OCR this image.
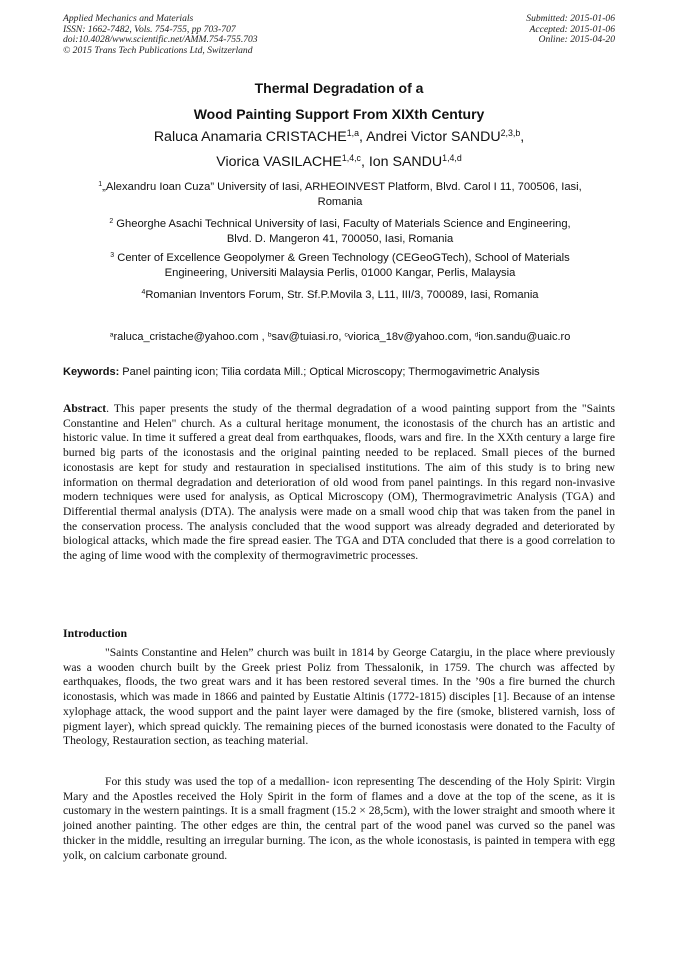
Applied Mechanics and Materials
ISSN: 1662-7482, Vols. 754-755, pp 703-707
doi:10.4028/www.scientific.net/AMM.754-755.703
© 2015 Trans Tech Publications Ltd, Switzerland
Submitted: 2015-01-06
Accepted: 2015-01-06
Online: 2015-04-20
Thermal Degradation of a
Wood Painting Support From XIXth Century
Raluca Anamaria CRISTACHE$^{1,a}$, Andrei Victor SANDU$^{2,3,b}$,
Viorica VASILACHE$^{1,4,c}$, Ion SANDU$^{1,4,d}$
$^1$„Alexandru Ioan Cuza” University of Iasi, ARHEOINVEST Platform, Blvd. Carol I 11, 700506, Iasi,
Romania
$^2$ Gheorghe Asachi Technical University of Iasi, Faculty of Materials Science and Engineering,
Blvd. D. Mangeron 41, 700050, Iasi, Romania
$^3$ Center of Excellence Geopolymer & Green Technology (CEGeoGTech), School of Materials
Engineering, Universiti Malaysia Perlis, 01000 Kangar, Perlis, Malaysia
$^4$Romanian Inventors Forum, Str. Sf.P.Movila 3, L11, III/3, 700089, Iasi, Romania
$^a$raluca_cristache@yahoo.com , $^b$sav@tuiasi.ro, $^c$viorica_18v@yahoo.com, $^d$ion.sandu@uaic.ro
Keywords: Panel painting icon; Tilia cordata Mill.; Optical Microscopy; Thermogavimetric Analysis

Abstract. This paper presents the study of the thermal degradation of a wood painting support from the "Saints Constantine and Helen" church. As a cultural heritage monument, the iconostasis of the church has an artistic and historic value. In time it suffered a great deal from earthquakes, floods, wars and fire. In the XXth century a large fire burned big parts of the iconostasis and the original painting needed to be replaced. Small pieces of the burned iconostasis are kept for study and restauration in specialised institutions. The aim of this study is to bring new information on thermal degradation and deterioration of old wood from panel paintings. In this regard non-invasive modern techniques were used for analysis, as Optical Microscopy (OM), Thermogravimetric Analysis (TGA) and Differential thermal analysis (DTA). The analysis were made on a small wood chip that was taken from the panel in the conservation process. The analysis concluded that the wood support was already degraded and deteriorated by biological attacks, which made the fire spread easier. The TGA and DTA concluded that there is a good correlation to the aging of lime wood with the complexity of thermogravimetric processes.

Introduction

"Saints Constantine and Helen” church was built in 1814 by George Catargiu, in the place where previously was a wooden church built by the Greek priest Poliz from Thessalonik, in 1759. The church was affected by earthquakes, floods, the two great wars and it has been restored several times. In the ’90s a fire burned the church iconostasis, which was made in 1866 and painted by Eustatie Altinis (1772-1815) disciples [1]. Because of an intense xylophage attack, the wood support and the paint layer were damaged by the fire (smoke, blistered varnish, loss of pigment layer), which spread quickly. The remaining pieces of the burned iconostasis were donated to the Faculty of Theology, Restauration section, as teaching material.

For this study was used the top of a medallion- icon representing The descending of the Holy Spirit: Virgin Mary and the Apostles received the Holy Spirit in the form of flames and a dove at the top of the scene, as it is customary in the western paintings. It is a small fragment (15.2 × 28,5cm), with the lower straight and smooth where it joined another painting. The other edges are thin, the central part of the wood panel was curved so the panel was thicker in the middle, resulting an irregular burning. The icon, as the whole iconostasis, is painted in tempera with egg yolk, on calcium carbonate ground.
